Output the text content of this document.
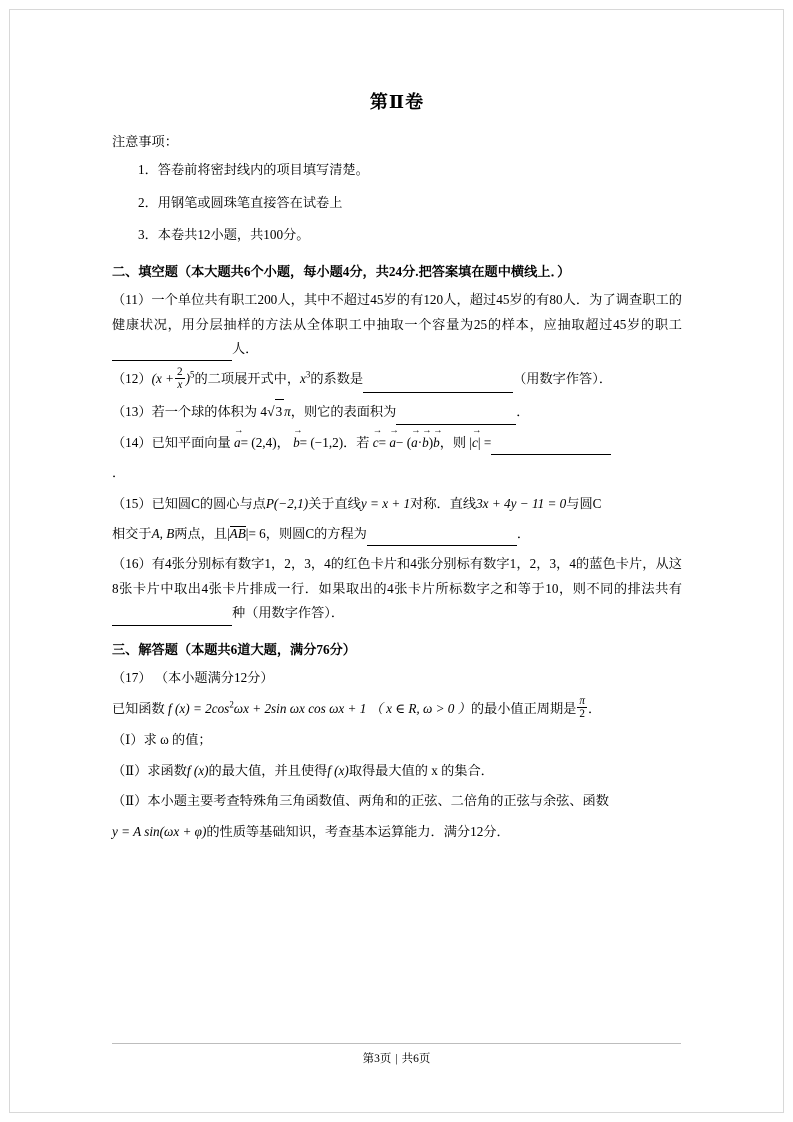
第Ⅱ卷

注意事项：

1．答卷前将密封线内的项目填写清楚。

2．用钢笔或圆珠笔直接答在试卷上

3．本卷共12小题，共100分。

二、填空题（本大题共6个小题，每小题4分，共24分.把答案填在题中横线上．）

（11）一个单位共有职工200人，其中不超过45岁的有120人，超过45岁的有80人．为了调查职工的健康状况，用分层抽样的方法从全体职工中抽取一个容量为25的样本，应抽取超过45岁的职工人．

$(12)(x + \frac{2}{x} )^5$的二项展开式中，$x^3$的系数是	（用数字作答）．

（13）若一个球的体积为 4√3 π，则它的表面积为	．

（14）已知平面向量 a →= (2,4)， b →= (−1,2)．若 c →= a →− (a →·b →)b →，则 |c →| =

．

（15）已知圆C的圆心与点P(−2,1)关于直线y = x + 1对称．直线3x + 4y − 11 = 0与圆C

相交于A, B两点，且|AB|= 6，则圆C的方程为	．

（16）有4张分别标有数字1，2，3，4的红色卡片和4张分别标有数字1，2，3，4的蓝色卡片，从这8张卡片中取出4张卡片排成一行．如果取出的4张卡片所标数字之和等于10，则不同的排法共有种（用数字作答）．

三、解答题（本题共6道大题，满分76分）

（17） （本小题满分12分）

已知函数 f $(x) = 2\cos^2\omega x + 2\sin$ ωx cos ωx + 1 （ x ∈ R, ω > 0 ）的最小值正周期是 $\frac{\pi}{2}$ ．

（Ⅰ）求 ω 的值；

（Ⅱ）求函数f (x)的最大值，并且使得f (x)取得最大值的 x 的集合．

（Ⅱ）本小题主要考查特殊角三角函数值、两角和的正弦、二倍角的正弦与余弦、函数

y = A sin(ωx + φ)的性质等基础知识，考查基本运算能力．满分12分．

第3页 | 共6页
